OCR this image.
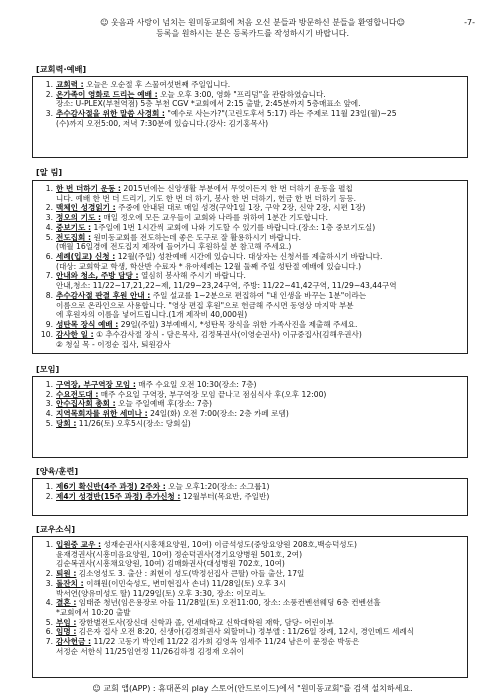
☺ 웃음과 사랑이 넘치는 원미동교회에 처음 오신 분들과 방문하신 분들을 환영합니다☺	-7-
등록을 원하시는 분은 등록카드를 작성하시기 바랍니다.
[교회력·예배]
1. 교회력 : 오늘은 오순절 후 스물여섯번째 주일입니다.
2. 온가족이 영화로 드리는 예배 : 오늘 오후 3:00, 영화 "프리덤"을 관람하였습니다.
장소: U-PLEX(부천역점) 5층 부천 CGV *교회에서 2:15 출발, 2:45분까지 5층매표소 앞에.
3. 추수감사절을 위한 말씀 사경회 : "예수로 사는가?"(고린도후서 5:17) 라는 주제로 11월 23일(월)~25
(수)까지 오전5:00, 저녁 7:30분에 있습니다.(강사: 김기홍목사)
[알 림]
1. 한 번 더하기 운동 : 2015년에는 신앙생활 부분에서 무엇이든지 한 번 더하기 운동을 펼칩
니다. 예배 한 번 더 드리기, 기도 한 번 더 하기, 봉사 한 번 더하기, 헌금 한 번 더하기 등등.
2. 맥체인 성경읽기 : 주중에 안내된 대로 매일 성경(구약1일 1장, 구약 2장, 신약 2장, 시편 1장)
3. 정오의 기도 : 매일 정오에 모든 교우들이 교회와 나라를 위하여 1분간 기도합니다.
4. 중보기도 : 1주일에 1번 1시간씩 교회에 나와 기도할 수 있기를 바랍니다.(장소: 1층 중보기도실)
5. 전도집회 : 원미동교회를 전도하는데 좋은 도구로 잘 활용하시기 바랍니다.
(매월 16일경에 전도집지 제작에 들어가니 후원하실 분 참고해 주세요.)
6. 세례(입교) 신청 : 12월(주일) 성찬예배 시간에 있습니다. 대상자는 신청서를 제출하시기 바랍니다.
(대상: 교회학교 학생, 학산반 수료자 * 유아세례는 12월 둘째 주일 성탄절 예배에 있습니다.)
7. 안내와 청소, 주방 담당 : 열심히 봉사해 주시기 바랍니다.
안내,청소: 11/22~17,21,22~제, 11/29~23,24구역, 주방: 11/22~41,42구역, 11/29~43,44구역
8. 추수감사절 판결 후원 안내 : 주일 설교를 1~2분으로 편집하여 "내 인생을 바꾸는 1분"이라는
이름으로 온라인으로 사용합니다. "영상 편집 후원"으로 헌금해 주시면 동영상 마지막 부분
에 후원자의 이름을 넣어드립니다.(1개 제작비 40,000원)
9. 성탄목 장식 예배 : 29일(주일) 3부예배시, *성탄목 장식을 위한 가족사진을 제출해 주세요.
10. 감사한 일 : ① 추수감사절 장식 - 담은목사, 김정복권사(이영순권사) 이규중집사(김해우권사)
② 청실 목 - 이정순 집사, 퇴원감사
[모임]
1. 구역장, 부구역장 모임 : 매주 수요일 오전 10:30(장소: 7층)
2. 수요전도대 : 매주 수요일 구역장, 부구역장 모임 끝나고 점심식사 후(오후 12:00)
3. 안수집사회 총회 : 오늘 주일예배 후(장소: 7층)
4. 지역목회자를 위한 세미나 : 24일(화) 오전 7:00(장소: 2층 카페 로뎀)
5. 당회 : 11/26(토) 오후5시(장소: 당회실)
[양육/훈련]
1. 제6기 확신반(4주 과정) 2주차 : 오늘 오후1:20(장소: 소그룹1)
2. 제4기 성경반(15주 과정) 추가신청 : 12월부터(목요반, 주일반)
[교우소식]
1. 입원중 교우 : 성재순권사(시흥채요양원, 10여) 이금석성도(중앙요양원 208호,백승덕성도)
윤재경권사(시흥미음요양원, 10여) 정순덕권사(경기요양병원 501호, 2여)
김순복권사(시흥채요양원, 10여) 김매화권사(대성병원 702호, 10여)
2. 퇴원 : 김소영성도 3. 출산 : 최현이 성도(박정선집사 큰딸) 아들 출산, 17일
3. 돌잔치 : 이해원(이민숙성도, 변미현집사 손녀) 11/28일(토) 오후 3시
박서연(양유미성도 딸) 11/29일(토) 오후 3:30, 장소: 이모리노
4. 결혼 : 임태준 청년(임은용장로 아들 11/28일(토) 오전11:00, 장소: 소풍컨벤션웨딩 6층 컨벤션홀
*교회에서 10:20 출발
5. 부임 : 장한별전도사(장신대 신학과 졸, 연세대학교 신학대학원 재학, 담당- 어린이부
6. 임명 : 김은자 집사 오전 8:20, 신생아(김경희권사 외할머니) 정부앨 : 11/26일 장례, 12시, 경인메드 세례식
7. 감사헌금 : 11/22 고동기 박인례 11/22 김가희 김영옥 임세주 11/24 남은이 문정순 박동은
서정순 서한식 11/25임연정 11/26김하정 김정재 오쉬이
☺ 교회 앱(APP) : 휴대폰의 play 스토어(안드로이드)에서 "원미동교회"를 검색 설치하세요.
